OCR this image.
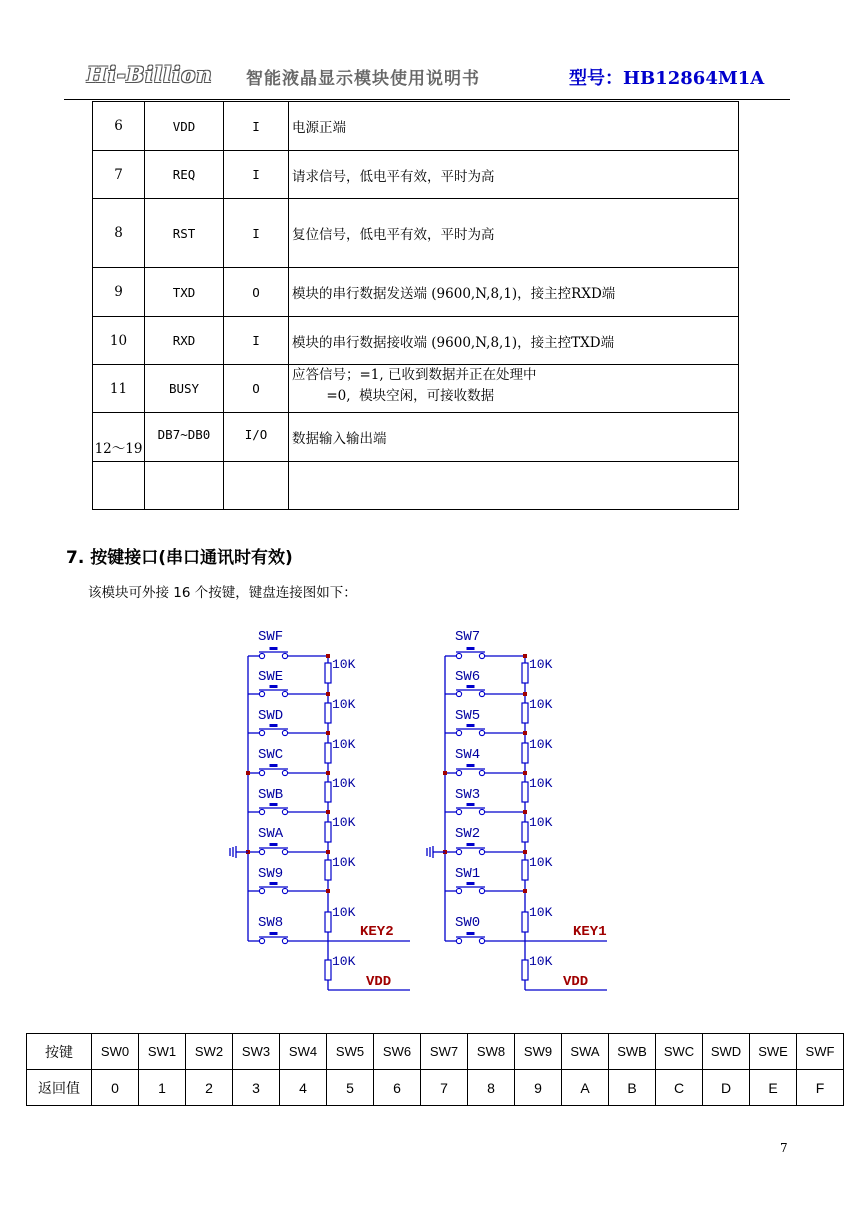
Hi-Billion 智能液晶显示模块使用说明书	型号：HB12864M1A
6	VDD	I	电源正端
7	REQ	I	请求信号，低电平有效，平时为高
8	RST	I	复位信号，低电平有效，平时为高
9	TXD	O	模块的串行数据发送端 (9600,N,8,1)，接主控RXD端
10	RXD	I	模块的串行数据接收端 (9600,N,8,1)，接主控TXD端
11	BUSY	O	应答信号；=1, 已收到数据并正在处理中
=0,  模块空闲，可接收数据

12～19	DB7~DB0	I/O	数据输入输出端

7. 按键接口(串口通讯时有效)
该模块可外接 16 个按键，键盘连接图如下：
SWF
10K
SWE
10K
SWD
10K
SWC
10K
SWB
10K
SWA
10K
SW9
10K
SW8
10K
KEY2
VDD
SW7
10K
SW6
10K
SW5
10K
SW4
10K
SW3
10K
SW2
10K
SW1
10K
SW0
10K
KEY1
VDD
按键	SW0	SW1	SW2	SW3	SW4	SW5	SW6	SW7	SW8	SW9	SWA	SWB	SWC	SWD	SWE	SWF
返回值	0	1	2	3	4	5	6	7	8	9	A	B	C	D	E	F
7
